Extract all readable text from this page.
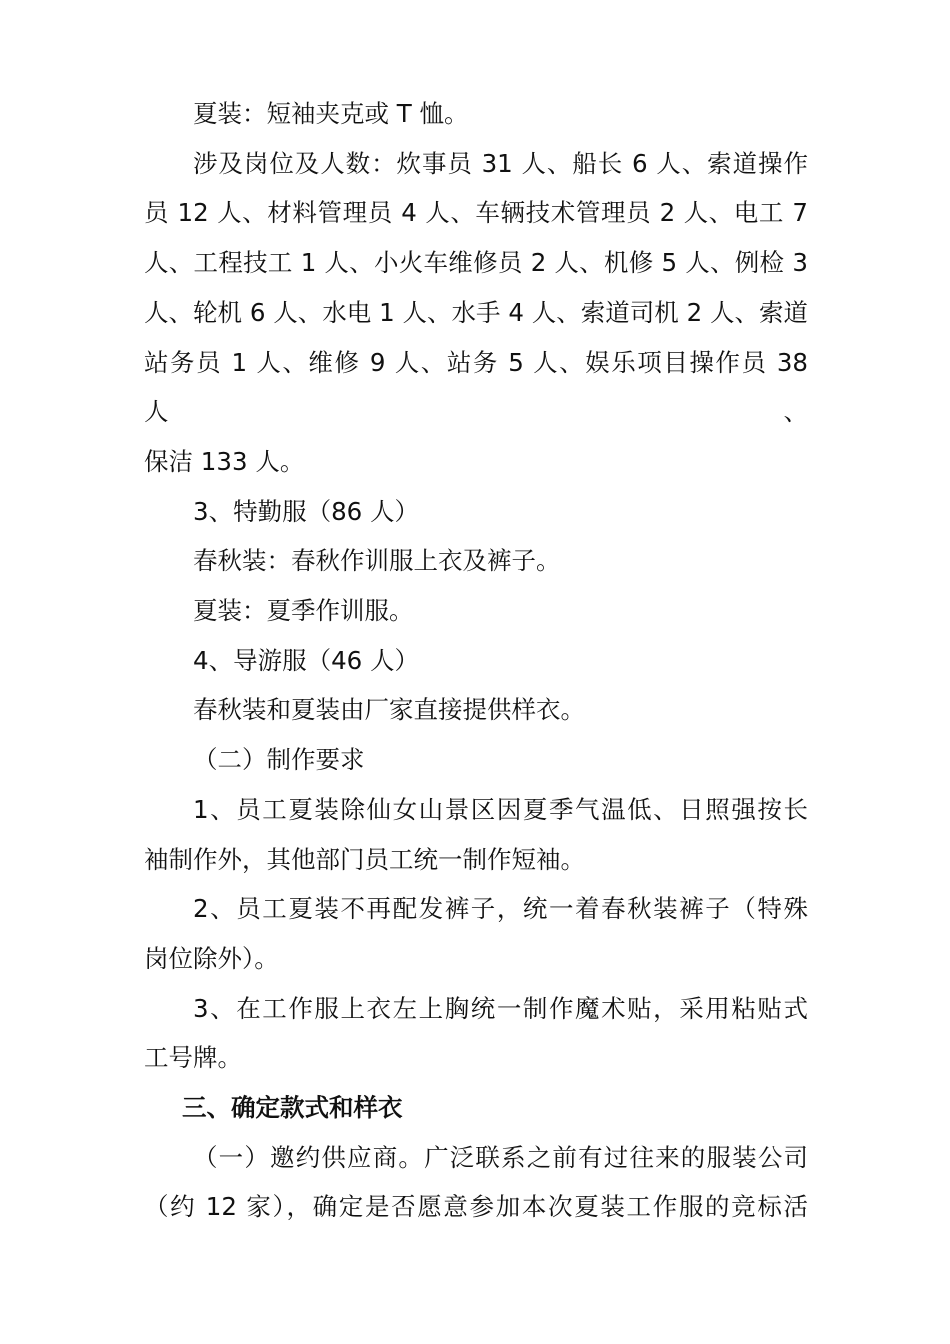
夏装：短袖夹克或 T 恤。

涉及岗位及人数：炊事员 31 人、船长 6 人、索道操作
员 12 人、材料管理员 4 人、车辆技术管理员 2 人、电工 7
人、工程技工 1 人、小火车维修员 2 人、机修 5 人、例检 3
人、轮机 6 人、水电 1 人、水手 4 人、索道司机 2 人、索道
站务员 1 人、维修 9 人、站务 5 人、娱乐项目操作员 38 人、
保洁 133 人。

3、特勤服（86 人）

春秋装：春秋作训服上衣及裤子。

夏装：夏季作训服。

4、导游服（46 人）

春秋装和夏装由厂家直接提供样衣。

（二）制作要求

1、员工夏装除仙女山景区因夏季气温低、日照强按长
袖制作外，其他部门员工统一制作短袖。

2、员工夏装不再配发裤子，统一着春秋装裤子（特殊
岗位除外）。

3、在工作服上衣左上胸统一制作魔术贴，采用粘贴式
工号牌。

三、确定款式和样衣

（一）邀约供应商。广泛联系之前有过往来的服装公司
（约 12 家），确定是否愿意参加本次夏装工作服的竞标活
